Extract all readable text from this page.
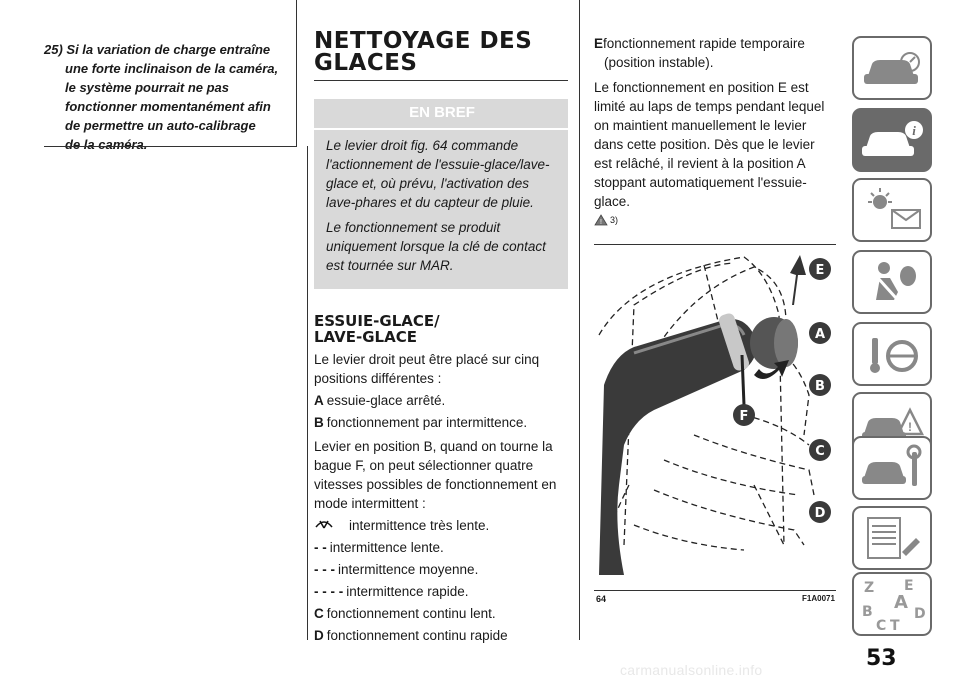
25) Si la variation de charge entraîne
une forte inclinaison de la caméra,
le système pourrait ne pas
fonctionner momentanément afin
de permettre un auto-calibrage
de la caméra.
NETTOYAGE DES
GLACES
EN BREF

Le levier droit fig. 64 commande l'actionnement de l'essuie-glace/lave-glace et, où prévu, l'activation des lave-phares et du capteur de pluie.

Le fonctionnement se produit uniquement lorsque la clé de contact est tournée sur MAR.

ESSUIE-GLACE/
LAVE-GLACE

Le levier droit peut être placé sur cinq positions différentes :

A essuie-glace arrêté.
B fonctionnement par intermittence.

Levier en position B, quand on tourne la bague F, on peut sélectionner quatre vitesses possibles de fonctionnement en mode intermittent :

intermittence très lente.
- - intermittence lente.
- - - intermittence moyenne.
- - - - intermittence rapide.
C fonctionnement continu lent.
D fonctionnement continu rapide
Efonctionnement rapide temporaire
(position instable).
Le fonctionnement en position E est limité au laps de temps pendant lequel on maintient manuellement le levier dans cette position. Dès que le levier est relâché, il revient à la position A stoppant automatiquement l'essuie-glace.
! 3)
E
A
B
F
C
D
64	F1A0071
i
!
Z E
A
B	D
C T
53
carmanualsonline.info
